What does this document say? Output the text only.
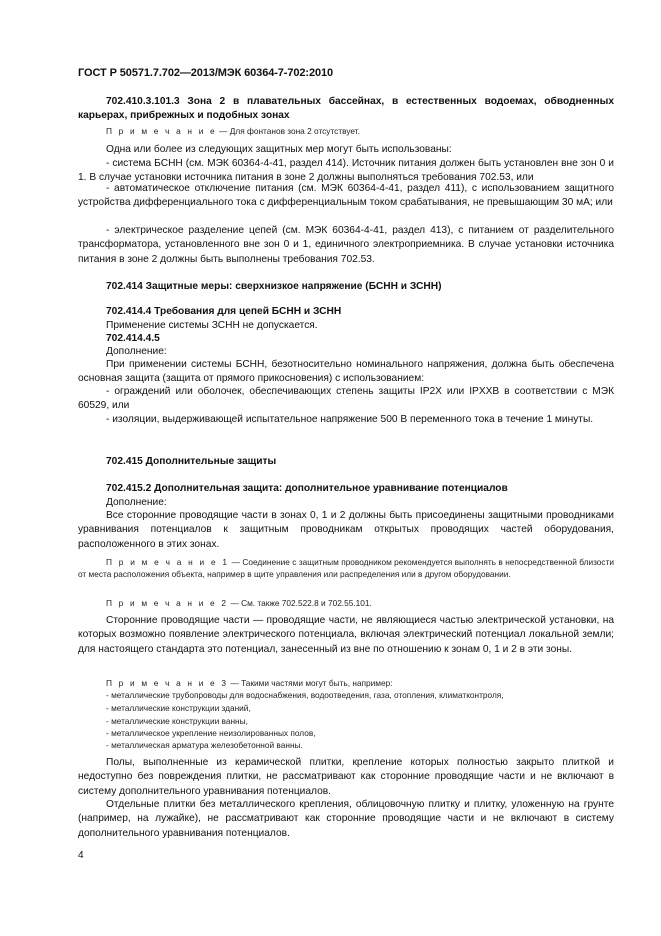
ГОСТ Р 50571.7.702—2013/МЭК 60364-7-702:2010
702.410.3.101.3 Зона 2 в плавательных бассейнах, в естественных водоемах, обводненных карьерах, прибрежных и подобных зонах
П р и м е ч а н и е — Для фонтанов зона 2 отсутствует.
Одна или более из следующих защитных мер могут быть использованы:
- система БСНН (см. МЭК 60364-4-41, раздел 414). Источник питания должен быть установлен вне зон 0 и 1. В случае установки источника питания в зоне 2 должны выполняться требования 702.53, или
- автоматическое отключение питания (см. МЭК 60364-4-41, раздел 411), с использованием защитного устройства дифференциального тока с дифференциальным током срабатывания, не превышающим 30 мА; или
- электрическое разделение цепей (см. МЭК 60364-4-41, раздел 413), с питанием от разделительного трансформатора, установленного вне зон 0 и 1, единичного электроприемника. В случае установки источника питания в зоне 2 должны быть выполнены требования 702.53.
702.414 Защитные меры: сверхнизкое напряжение (БСНН и ЗСНН)
702.414.4 Требования для цепей БСНН и ЗСНН
Применение системы ЗСНН не допускается.
702.414.4.5
Дополнение:
При применении системы БСНН, безотносительно номинального напряжения, должна быть обеспечена основная защита (защита от прямого прикосновения) с использованием:
- ограждений или оболочек, обеспечивающих степень защиты IP2X или IPXXB в соответствии с МЭК 60529, или
- изоляции, выдерживающей испытательное напряжение 500 В переменного тока в течение 1 минуты.
702.415 Дополнительные защиты
702.415.2 Дополнительная защита: дополнительное уравнивание потенциалов
Дополнение:
Все сторонние проводящие части в зонах 0, 1 и 2 должны быть присоединены защитными проводниками уравнивания потенциалов к защитным проводникам открытых проводящих частей оборудования, расположенного в этих зонах.
П р и м е ч а н и е 1 — Соединение с защитным проводником рекомендуется выполнять в непосредственной близости от места расположения объекта, например в щите управления или распределения или в другом оборудовании.
П р и м е ч а н и е 2 — См. также 702.522.8 и 702.55.101.
Сторонние проводящие части — проводящие части, не являющиеся частью электрической установки, на которых возможно появление электрического потенциала, включая электрический потенциал локальной земли; для настоящего стандарта это потенциал, занесенный из вне по отношению к зонам 0, 1 и 2 в эти зоны.
П р и м е ч а н и е 3 — Такими частями могут быть, например:
- металлические трубопроводы для водоснабжения, водоотведения, газа, отопления, климатконтроля,
- металлические конструкции зданий,
- металлические конструкции ванны,
- металлическое укрепление неизолированных полов,
- металлическая арматура железобетонной ванны.
Полы, выполненные из керамической плитки, крепление которых полностью закрыто плиткой и недоступно без повреждения плитки, не рассматривают как сторонние проводящие части и не включают в систему дополнительного уравнивания потенциалов.
Отдельные плитки без металлического крепления, облицовочную плитку и плитку, уложенную на грунте (например, на лужайке), не рассматривают как сторонние проводящие части и не включают в систему дополнительного уравнивания потенциалов.
4
